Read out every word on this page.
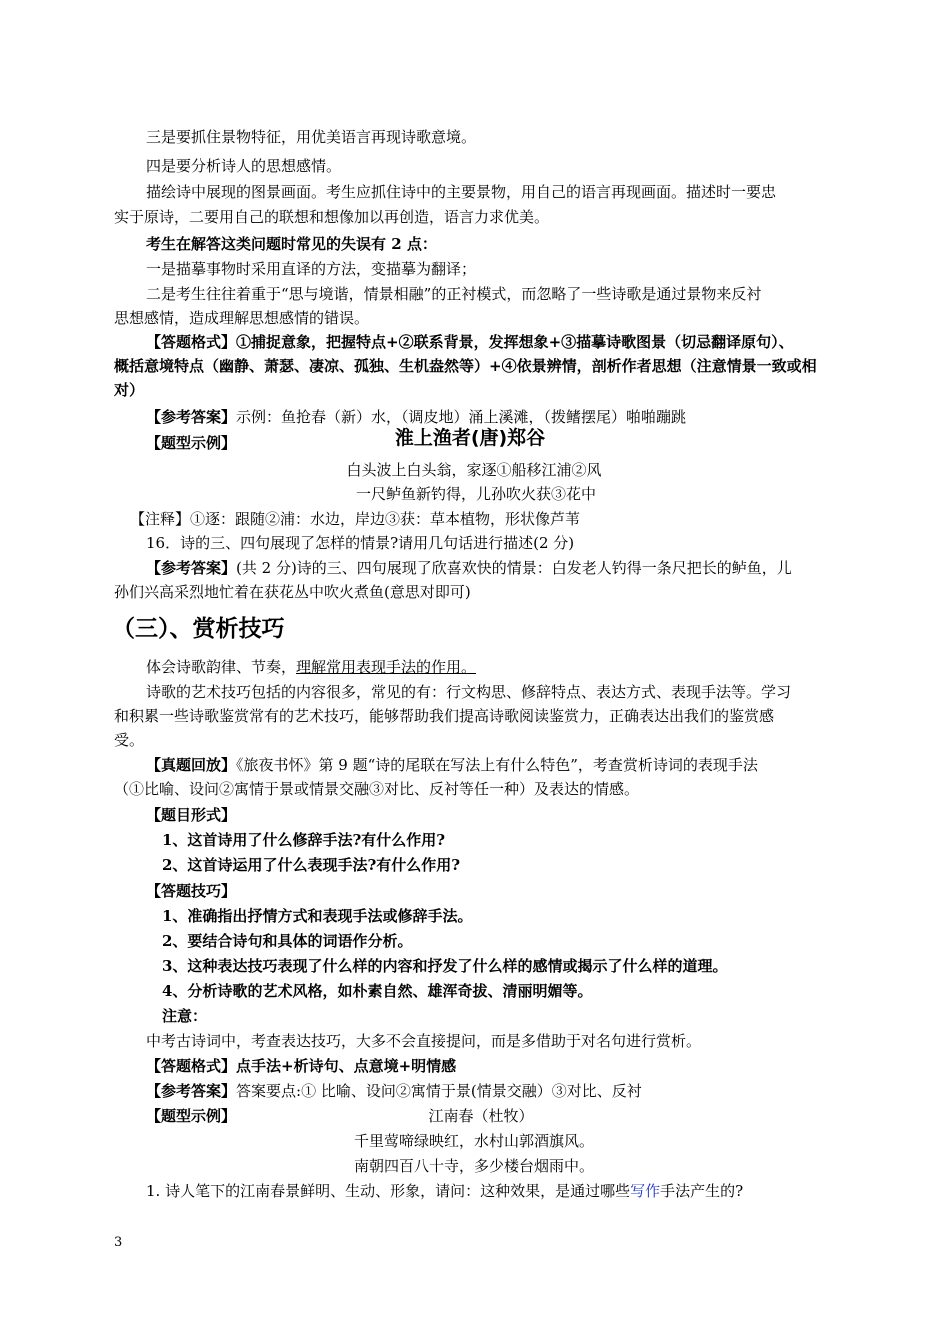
三是要抓住景物特征，用优美语言再现诗歌意境。
四是要分析诗人的思想感情。
描绘诗中展现的图景画面。考生应抓住诗中的主要景物，用自己的语言再现画面。描述时一要忠
实于原诗，二要用自己的联想和想像加以再创造，语言力求优美。
考生在解答这类问题时常见的失误有 2 点：
一是描摹事物时采用直译的方法，变描摹为翻译；
二是考生往往着重于“思与境谐，情景相融”的正衬模式，而忽略了一些诗歌是通过景物来反衬
思想感情，造成理解思想感情的错误。
【答题格式】①捕捉意象，把握特点+②联系背景，发挥想象+③描摹诗歌图景（切忌翻译原句）、
概括意境特点（幽静、萧瑟、凄凉、孤独、生机盎然等）+④依景辨情，剖析作者思想（注意情景一致或相
对）
【参考答案】示例：鱼抢春（新）水，（调皮地）涌上溪滩，（拨鳍摆尾）啪啪蹦跳
【题型示例】	淮上渔者(唐)郑谷
白头波上白头翁，家逐①船移江浦②风
一尺鲈鱼新钓得，儿孙吹火获③花中
【注释】①逐：跟随②浦：水边，岸边③获：草本植物，形状像芦苇
16．诗的三、四句展现了怎样的情景?请用几句话进行描述(2 分)
【参考答案】(共 2 分)诗的三、四句展现了欣喜欢快的情景：白发老人钓得一条尺把长的鲈鱼，儿
孙们兴高采烈地忙着在获花丛中吹火煮鱼(意思对即可)
（三）、赏析技巧
体会诗歌韵律、节奏，理解常用表现手法的作用。
诗歌的艺术技巧包括的内容很多，常见的有：行文构思、修辞特点、表达方式、表现手法等。学习
和积累一些诗歌鉴赏常有的艺术技巧，能够帮助我们提高诗歌阅读鉴赏力，正确表达出我们的鉴赏感
受。
【真题回放】《旅夜书怀》第 9 题“诗的尾联在写法上有什么特色”，考查赏析诗词的表现手法
（①比喻、设问②寓情于景或情景交融③对比、反衬等任一种）及表达的情感。
【题目形式】
1、这首诗用了什么修辞手法?有什么作用?
2、这首诗运用了什么表现手法?有什么作用?
【答题技巧】
1、准确指出抒情方式和表现手法或修辞手法。
2、要结合诗句和具体的词语作分析。
3、这种表达技巧表现了什么样的内容和抒发了什么样的感情或揭示了什么样的道理。
4、分析诗歌的艺术风格，如朴素自然、雄浑奇拔、清丽明媚等。
注意：
中考古诗词中，考查表达技巧，大多不会直接提问，而是多借助于对名句进行赏析。
【答题格式】点手法+析诗句、点意境+明情感
【参考答案】答案要点:① 比喻、设问②寓情于景(情景交融）③对比、反衬
【题型示例】	江南春（杜牧）
千里莺啼绿映红，水村山郭酒旗风。
南朝四百八十寺，多少楼台烟雨中。
1. 诗人笔下的江南春景鲜明、生动、形象，请问：这种效果，是通过哪些写作手法产生的?
3
